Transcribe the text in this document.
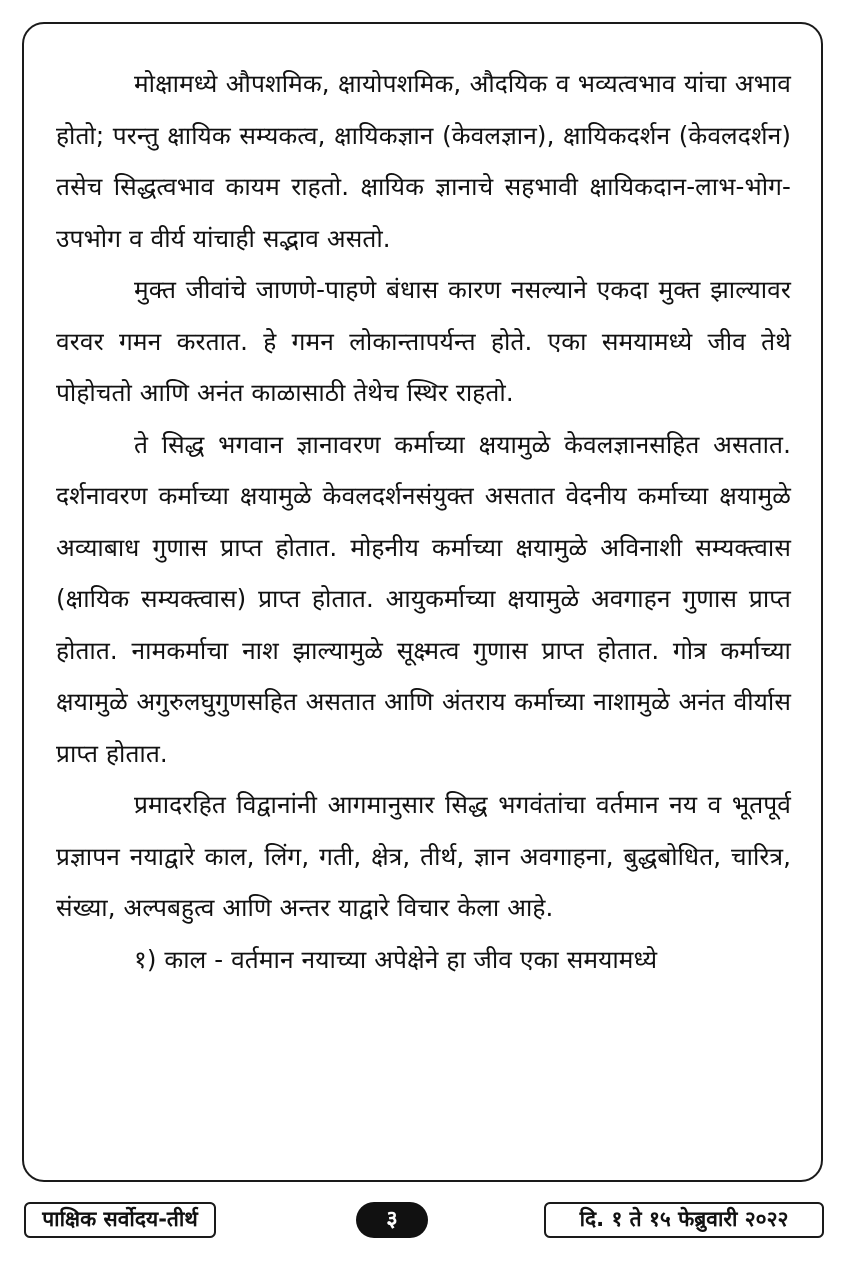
मोक्षामध्ये औपशमिक, क्षायोपशमिक, औदयिक व भव्यत्वभाव यांचा अभाव होतो; परन्तु क्षायिक सम्यकत्व, क्षायिकज्ञान (केवलज्ञान), क्षायिकदर्शन (केवलदर्शन) तसेच सिद्धत्वभाव कायम राहतो. क्षायिक ज्ञानाचे सहभावी क्षायिकदान-लाभ-भोग-उपभोग व वीर्य यांचाही सद्भाव असतो.

मुक्त जीवांचे जाणणे-पाहणे बंधास कारण नसल्याने एकदा मुक्त झाल्यावर वरवर गमन करतात. हे गमन लोकान्तापर्यन्त होते. एका समयामध्ये जीव तेथे पोहोचतो आणि अनंत काळासाठी तेथेच स्थिर राहतो.

ते सिद्ध भगवान ज्ञानावरण कर्माच्या क्षयामुळे केवलज्ञानसहित असतात. दर्शनावरण कर्माच्या क्षयामुळे केवलदर्शनसंयुक्त असतात वेदनीय कर्माच्या क्षयामुळे अव्याबाध गुणास प्राप्त होतात. मोहनीय कर्माच्या क्षयामुळे अविनाशी सम्यक्त्वास (क्षायिक सम्यक्त्वास) प्राप्त होतात. आयुकर्माच्या क्षयामुळे अवगाहन गुणास प्राप्त होतात. नामकर्माचा नाश झाल्यामुळे सूक्ष्मत्व गुणास प्राप्त होतात. गोत्र कर्माच्या क्षयामुळे अगुरुलघुगुणसहित असतात आणि अंतराय कर्माच्या नाशामुळे अनंत वीर्यास प्राप्त होतात.

प्रमादरहित विद्वानांनी आगमानुसार सिद्ध भगवंतांचा वर्तमान नय व भूतपूर्व प्रज्ञापन नयाद्वारे काल, लिंग, गती, क्षेत्र, तीर्थ, ज्ञान अवगाहना, बुद्धबोधित, चारित्र, संख्या, अल्पबहुत्व आणि अन्तर याद्वारे विचार केला आहे.

१) काल - वर्तमान नयाच्या अपेक्षेने हा जीव एका समयामध्ये

पाक्षिक सर्वोदय-तीर्थ	३	दि. १ ते १५ फेब्रुवारी २०२२
